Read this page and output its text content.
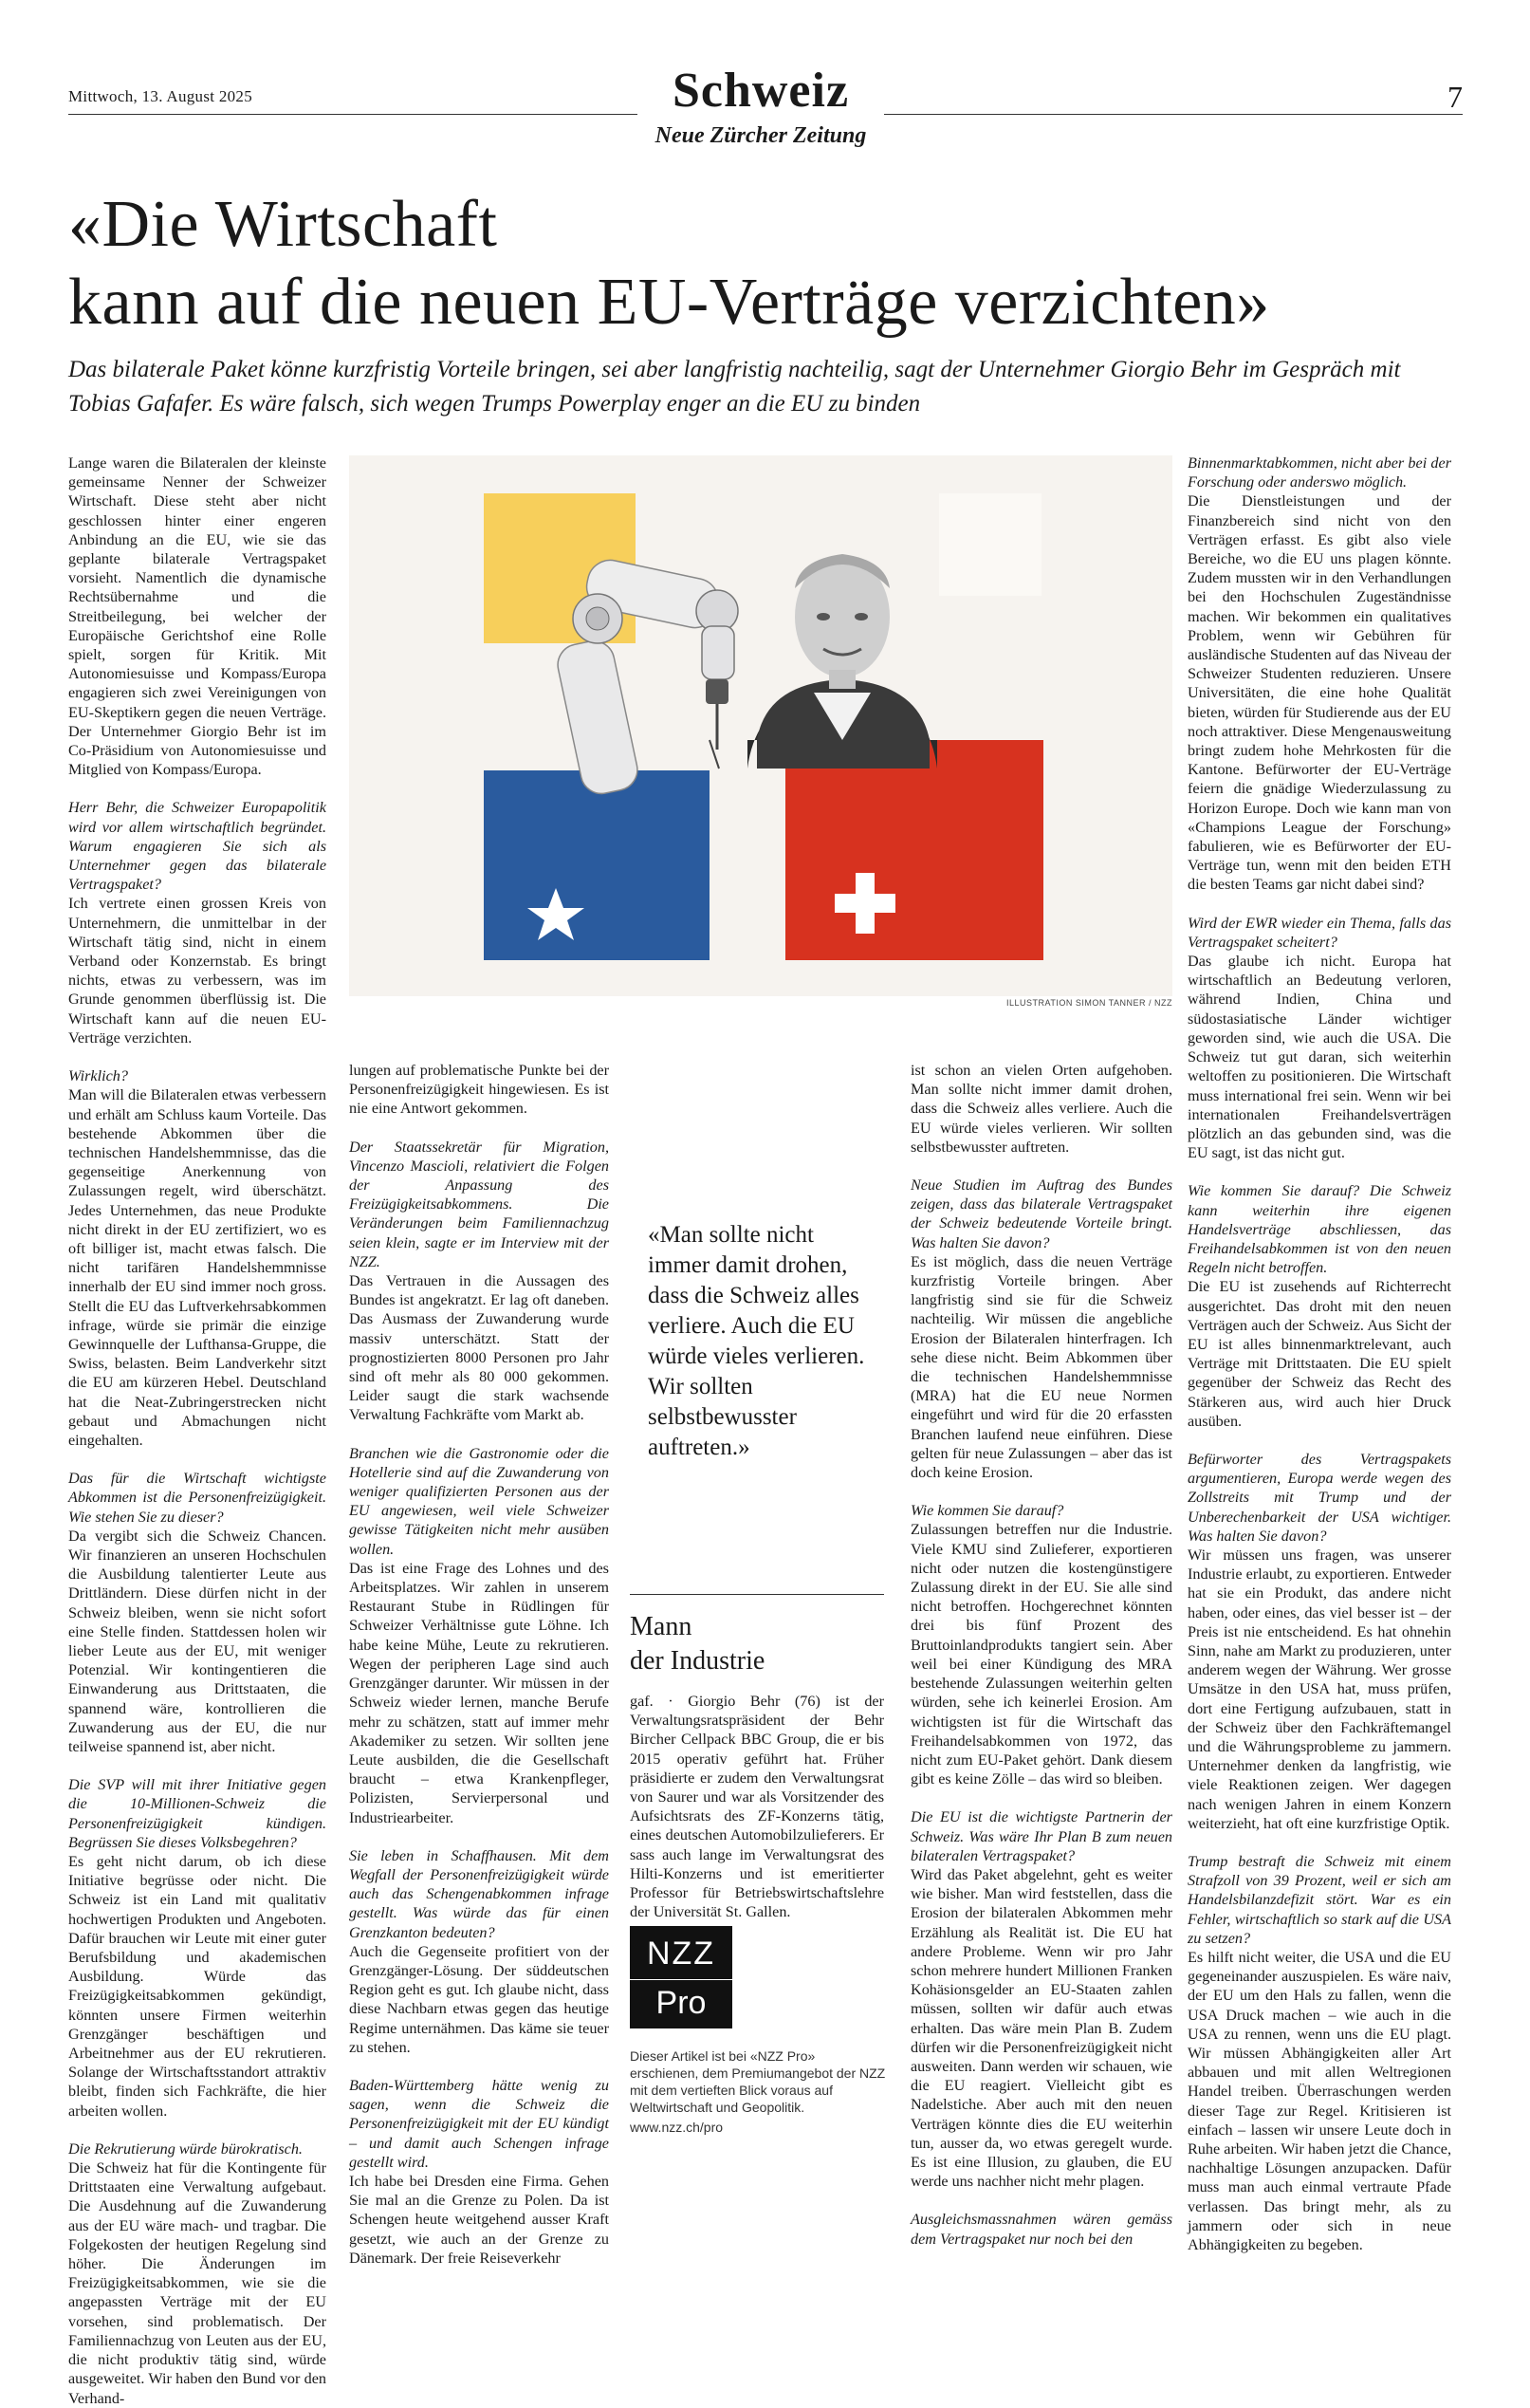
Mittwoch, 13. August 2025	Schweiz
Neue Zürcher Zeitung
7
«Die Wirtschaft
kann auf die neuen EU-Verträge verzichten»

Das bilaterale Paket könne kurzfristig Vorteile bringen, sei aber langfristig nachteilig, sagt der Unternehmer Giorgio Behr im Gespräch mit Tobias Gafafer. Es wäre falsch, sich wegen Trumps Powerplay enger an die EU zu binden

Lange waren die Bilateralen der kleinste gemeinsame Nenner der Schweizer Wirtschaft. Diese steht aber nicht geschlossen hinter einer engeren Anbindung an die EU, wie sie das geplante bilaterale Vertragspaket vorsieht. Namentlich die dynamische Rechtsübernahme und die Streitbeilegung, bei welcher der Europäische Gerichtshof eine Rolle spielt, sorgen für Kritik. Mit Autonomiesuisse und Kompass/Europa engagieren sich zwei Vereinigungen von EU-Skeptikern gegen die neuen Verträge. Der Unternehmer Giorgio Behr ist im Co-Präsidium von Autonomiesuisse und Mitglied von Kompass/Europa.

Herr Behr, die Schweizer Europapolitik wird vor allem wirtschaftlich begründet. Warum engagieren Sie sich als Unternehmer gegen das bilaterale Vertragspaket?

Ich vertrete einen grossen Kreis von Unternehmern, die unmittelbar in der Wirtschaft tätig sind, nicht in einem Verband oder Konzernstab. Es bringt nichts, etwas zu verbessern, was im Grunde genommen überflüssig ist. Die Wirtschaft kann auf die neuen EU-Verträge verzichten.

Wirklich?

Man will die Bilateralen etwas verbessern und erhält am Schluss kaum Vorteile. Das bestehende Abkommen über die technischen Handelshemmnisse, das die gegenseitige Anerkennung von Zulassungen regelt, wird überschätzt. Jedes Unternehmen, das neue Produkte nicht direkt in der EU zertifiziert, wo es oft billiger ist, macht etwas falsch. Die nicht tarifären Handelshemmnisse innerhalb der EU sind immer noch gross. Stellt die EU das Luftverkehrsabkommen infrage, würde sie primär die einzige Gewinnquelle der Lufthansa-Gruppe, die Swiss, belasten. Beim Landverkehr sitzt die EU am kürzeren Hebel. Deutschland hat die Neat-Zubringerstrecken nicht gebaut und Abmachungen nicht eingehalten.

Das für die Wirtschaft wichtigste Abkommen ist die Personenfreizügigkeit. Wie stehen Sie zu dieser?

Da vergibt sich die Schweiz Chancen. Wir finanzieren an unseren Hochschulen die Ausbildung talentierter Leute aus Drittländern. Diese dürfen nicht in der Schweiz bleiben, wenn sie nicht sofort eine Stelle finden. Stattdessen holen wir lieber Leute aus der EU, mit weniger Potenzial. Wir kontingentieren die Einwanderung aus Drittstaaten, die spannend wäre, kontrollieren die Zuwanderung aus der EU, die nur teilweise spannend ist, aber nicht.

Die SVP will mit ihrer Initiative gegen die 10-Millionen-Schweiz die Personenfreizügigkeit kündigen. Begrüssen Sie dieses Volksbegehren?

Es geht nicht darum, ob ich diese Initiative begrüsse oder nicht. Die Schweiz ist ein Land mit qualitativ hochwertigen Produkten und Angeboten. Dafür brauchen wir Leute mit einer guter Berufsbildung und akademischen Ausbildung. Würde das Freizügigkeitsabkommen gekündigt, könnten unsere Firmen weiterhin Grenzgänger beschäftigen und Arbeitnehmer aus der EU rekrutieren. Solange der Wirtschaftsstandort attraktiv bleibt, finden sich Fachkräfte, die hier arbeiten wollen.

Die Rekrutierung würde bürokratisch.

Die Schweiz hat für die Kontingente für Drittstaaten eine Verwaltung aufgebaut. Die Ausdehnung auf die Zuwanderung aus der EU wäre mach- und tragbar. Die Folgekosten der heutigen Regelung sind höher. Die Änderungen im Freizügigkeitsabkommen, wie sie die angepassten Verträge mit der EU vorsehen, sind problematisch. Der Familiennachzug von Leuten aus der EU, die nicht produktiv tätig sind, würde ausgeweitet. Wir haben den Bund vor den Verhand-

ILLUSTRATION SIMON TANNER / NZZ

lungen auf problematische Punkte bei der Personenfreizügigkeit hingewiesen. Es ist nie eine Antwort gekommen.

Der Staatssekretär für Migration, Vincenzo Mascioli, relativiert die Folgen der Anpassung des Freizügigkeitsabkommens. Die Veränderungen beim Familiennachzug seien klein, sagte er im Interview mit der NZZ.

Das Vertrauen in die Aussagen des Bundes ist angekratzt. Er lag oft daneben. Das Ausmass der Zuwanderung wurde massiv unterschätzt. Statt der prognostizierten 8000 Personen pro Jahr sind oft mehr als 80 000 gekommen. Leider saugt die stark wachsende Verwaltung Fachkräfte vom Markt ab.

Branchen wie die Gastronomie oder die Hotellerie sind auf die Zuwanderung von weniger qualifizierten Personen aus der EU angewiesen, weil viele Schweizer gewisse Tätigkeiten nicht mehr ausüben wollen.

Das ist eine Frage des Lohnes und des Arbeitsplatzes. Wir zahlen in unserem Restaurant Stube in Rüdlingen für Schweizer Verhältnisse gute Löhne. Ich habe keine Mühe, Leute zu rekrutieren. Wegen der peripheren Lage sind auch Grenzgänger darunter. Wir müssen in der Schweiz wieder lernen, manche Berufe mehr zu schätzen, statt auf immer mehr Akademiker zu setzen. Wir sollten jene Leute ausbilden, die die Gesellschaft braucht – etwa Krankenpfleger, Polizisten, Servierpersonal und Industriearbeiter.

Sie leben in Schaffhausen. Mit dem Wegfall der Personenfreizügigkeit würde auch das Schengenabkommen infrage gestellt. Was würde das für einen Grenzkanton bedeuten?

Auch die Gegenseite profitiert von der Grenzgänger-Lösung. Der süddeutschen Region geht es gut. Ich glaube nicht, dass diese Nachbarn etwas gegen das heutige Regime unternähmen. Das käme sie teuer zu stehen.

Baden-Württemberg hätte wenig zu sagen, wenn die Schweiz die Personenfreizügigkeit mit der EU kündigt – und damit auch Schengen infrage gestellt wird.

Ich habe bei Dresden eine Firma. Gehen Sie mal an die Grenze zu Polen. Da ist Schengen heute weitgehend ausser Kraft gesetzt, wie auch an der Grenze zu Dänemark. Der freie Reiseverkehr

«Man sollte nicht immer damit drohen, dass die Schweiz alles verliere. Auch die EU würde vieles verlieren. Wir sollten selbstbewusster auftreten.»
Mann
der Industrie
gaf. · Giorgio Behr (76) ist der Verwaltungsratspräsident der Behr Bircher Cellpack BBC Group, die er bis 2015 operativ geführt hat. Früher präsidierte er zudem den Verwaltungsrat von Saurer und war als Vorsitzender des Aufsichtsrats des ZF-Konzerns tätig, eines deutschen Automobilzulieferers. Er sass auch lange im Verwaltungsrat des Hilti-Konzerns und ist emeritierter Professor für Betriebswirtschaftslehre der Universität St. Gallen.
NZZ
Pro
Dieser Artikel ist bei «NZZ Pro» erschienen, dem Premiumangebot der NZZ mit dem vertieften Blick voraus auf Weltwirtschaft und Geopolitik.
www.nzz.ch/pro

ist schon an vielen Orten aufgehoben. Man sollte nicht immer damit drohen, dass die Schweiz alles verliere. Auch die EU würde vieles verlieren. Wir sollten selbstbewusster auftreten.

Neue Studien im Auftrag des Bundes zeigen, dass das bilaterale Vertragspaket der Schweiz bedeutende Vorteile bringt. Was halten Sie davon?

Es ist möglich, dass die neuen Verträge kurzfristig Vorteile bringen. Aber langfristig sind sie für die Schweiz nachteilig. Wir müssen die angebliche Erosion der Bilateralen hinterfragen. Ich sehe diese nicht. Beim Abkommen über die technischen Handelshemmnisse (MRA) hat die EU neue Normen eingeführt und wird für die 20 erfassten Branchen laufend neue einführen. Diese gelten für neue Zulassungen – aber das ist doch keine Erosion.

Wie kommen Sie darauf?

Zulassungen betreffen nur die Industrie. Viele KMU sind Zulieferer, exportieren nicht oder nutzen die kostengünstigere Zulassung direkt in der EU. Sie alle sind nicht betroffen. Hochgerechnet könnten drei bis fünf Prozent des Bruttoinlandprodukts tangiert sein. Aber weil bei einer Kündigung des MRA bestehende Zulassungen weiterhin gelten würden, sehe ich keinerlei Erosion. Am wichtigsten ist für die Wirtschaft das Freihandelsabkommen von 1972, das nicht zum EU-Paket gehört. Dank diesem gibt es keine Zölle – das wird so bleiben.

Die EU ist die wichtigste Partnerin der Schweiz. Was wäre Ihr Plan B zum neuen bilateralen Vertragspaket?

Wird das Paket abgelehnt, geht es weiter wie bisher. Man wird feststellen, dass die Erosion der bilateralen Abkommen mehr Erzählung als Realität ist. Die EU hat andere Probleme. Wenn wir pro Jahr schon mehrere hundert Millionen Franken Kohäsionsgelder an EU-Staaten zahlen müssen, sollten wir dafür auch etwas erhalten. Das wäre mein Plan B. Zudem dürfen wir die Personenfreizügigkeit nicht ausweiten. Dann werden wir schauen, wie die EU reagiert. Vielleicht gibt es Nadelstiche. Aber auch mit den neuen Verträgen könnte dies die EU weiterhin tun, ausser da, wo etwas geregelt wurde. Es ist eine Illusion, zu glauben, die EU werde uns nachher nicht mehr plagen.

Ausgleichsmassnahmen wären gemäss dem Vertragspaket nur noch bei den

Binnenmarktabkommen, nicht aber bei der Forschung oder anderswo möglich.

Die Dienstleistungen und der Finanzbereich sind nicht von den Verträgen erfasst. Es gibt also viele Bereiche, wo die EU uns plagen könnte. Zudem mussten wir in den Verhandlungen bei den Hochschulen Zugeständnisse machen. Wir bekommen ein qualitatives Problem, wenn wir Gebühren für ausländische Studenten auf das Niveau der Schweizer Studenten reduzieren. Unsere Universitäten, die eine hohe Qualität bieten, würden für Studierende aus der EU noch attraktiver. Diese Mengenausweitung bringt zudem hohe Mehrkosten für die Kantone. Befürworter der EU-Verträge feiern die gnädige Wiederzulassung zu Horizon Europe. Doch wie kann man von «Champions League der Forschung» fabulieren, wie es Befürworter der EU-Verträge tun, wenn mit den beiden ETH die besten Teams gar nicht dabei sind?

Wird der EWR wieder ein Thema, falls das Vertragspaket scheitert?

Das glaube ich nicht. Europa hat wirtschaftlich an Bedeutung verloren, während Indien, China und südostasiatische Länder wichtiger geworden sind, wie auch die USA. Die Schweiz tut gut daran, sich weiterhin weltoffen zu positionieren. Die Wirtschaft muss international frei sein. Wenn wir bei internationalen Freihandelsverträgen plötzlich an das gebunden sind, was die EU sagt, ist das nicht gut.

Wie kommen Sie darauf? Die Schweiz kann weiterhin ihre eigenen Handelsverträge abschliessen, das Freihandelsabkommen ist von den neuen Regeln nicht betroffen.

Die EU ist zusehends auf Richterrecht ausgerichtet. Das droht mit den neuen Verträgen auch der Schweiz. Aus Sicht der EU ist alles binnenmarktrelevant, auch Verträge mit Drittstaaten. Die EU spielt gegenüber der Schweiz das Recht des Stärkeren aus, wird auch hier Druck ausüben.

Befürworter des Vertragspakets argumentieren, Europa werde wegen des Zollstreits mit Trump und der Unberechenbarkeit der USA wichtiger. Was halten Sie davon?

Wir müssen uns fragen, was unserer Industrie erlaubt, zu exportieren. Entweder hat sie ein Produkt, das andere nicht haben, oder eines, das viel besser ist – der Preis ist nie entscheidend. Es hat ohnehin Sinn, nahe am Markt zu produzieren, unter anderem wegen der Währung. Wer grosse Umsätze in den USA hat, muss prüfen, dort eine Fertigung aufzubauen, statt in der Schweiz über den Fachkräftemangel und die Währungsprobleme zu jammern. Unternehmer denken da langfristig, wie viele Reaktionen zeigen. Wer dagegen nach wenigen Jahren in einem Konzern weiterzieht, hat oft eine kurzfristige Optik.

Trump bestraft die Schweiz mit einem Strafzoll von 39 Prozent, weil er sich am Handelsbilanzdefizit stört. War es ein Fehler, wirtschaftlich so stark auf die USA zu setzen?

Es hilft nicht weiter, die USA und die EU gegeneinander auszuspielen. Es wäre naiv, der EU um den Hals zu fallen, wenn die USA Druck machen – wie auch in die USA zu rennen, wenn uns die EU plagt. Wir müssen Abhängigkeiten aller Art abbauen und mit allen Weltregionen Handel treiben. Überraschungen werden dieser Tage zur Regel. Kritisieren ist einfach – lassen wir unsere Leute doch in Ruhe arbeiten. Wir haben jetzt die Chance, nachhaltige Lösungen anzupacken. Dafür muss man auch einmal vertraute Pfade verlassen. Das bringt mehr, als zu jammern oder sich in neue Abhängigkeiten zu begeben.
